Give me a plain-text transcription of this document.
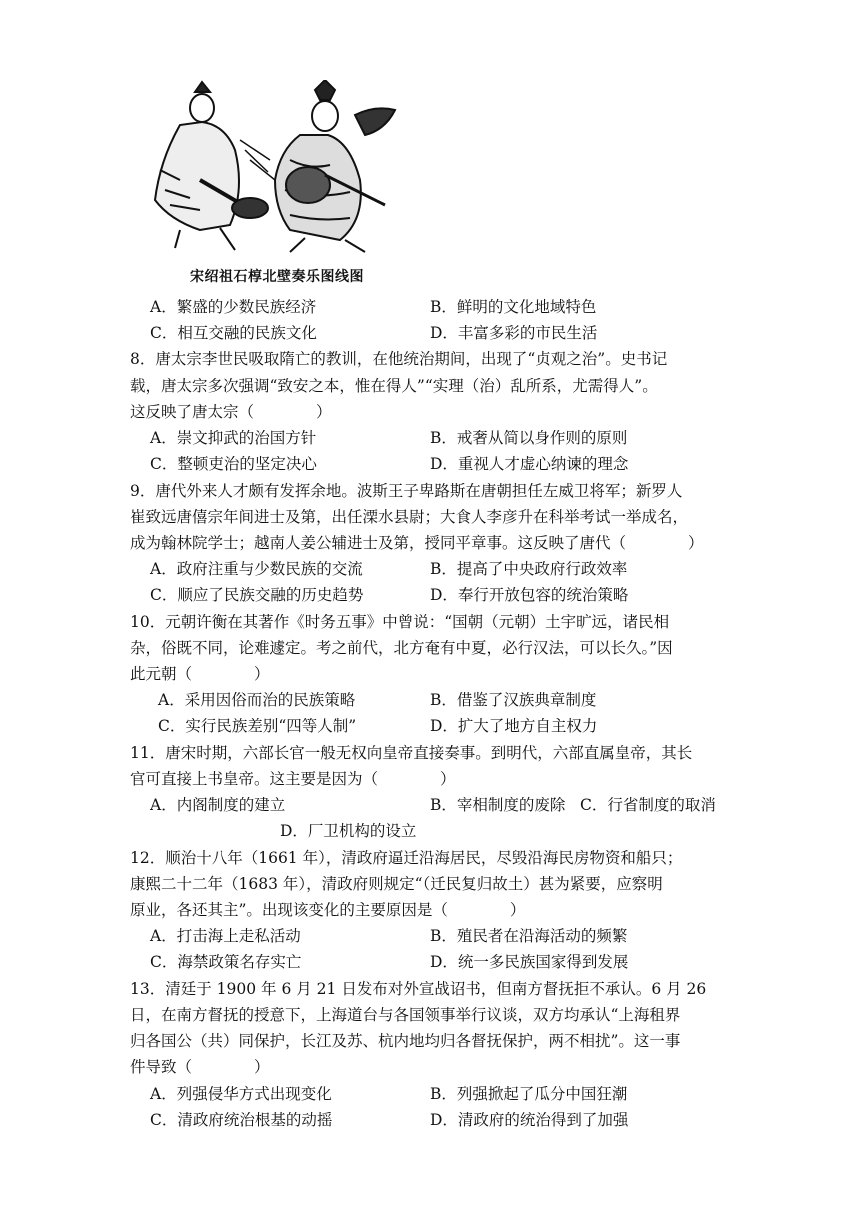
宋绍祖石椁北壁奏乐图线图
A．繁盛的少数民族经济	B．鲜明的文化地域特色
C．相互交融的民族文化	D．丰富多彩的市民生活
8．唐太宗李世民吸取隋亡的教训，在他统治期间，出现了“贞观之治”。史书记
载，唐太宗多次强调“致安之本，惟在得人”“实理（治）乱所系，尤需得人”。
这反映了唐太宗（　　　　）
A．崇文抑武的治国方针	B．戒奢从简以身作则的原则
C．整顿吏治的坚定决心	D．重视人才虚心纳谏的理念
9．唐代外来人才颇有发挥余地。波斯王子卑路斯在唐朝担任左威卫将军；新罗人
崔致远唐僖宗年间进士及第，出任溧水县尉；大食人李彦升在科举考试一举成名，
成为翰林院学士；越南人姜公辅进士及第，授同平章事。这反映了唐代（　　　　）
A．政府注重与少数民族的交流	B．提高了中央政府行政效率
C．顺应了民族交融的历史趋势	D．奉行开放包容的统治策略
10．元朝许衡在其著作《时务五事》中曾说：“国朝（元朝）土宇旷远，诸民相
杂，俗既不同，论难遽定。考之前代，北方奄有中夏，必行汉法，可以长久。”因
此元朝（　　　　）
A．采用因俗而治的民族策略	B．借鉴了汉族典章制度
C．实行民族差别“四等人制”	D．扩大了地方自主权力
11．唐宋时期，六部长官一般无权向皇帝直接奏事。到明代，六部直属皇帝，其长
官可直接上书皇帝。这主要是因为（　　　　）
A．内阁制度的建立	B．宰相制度的废除 C．行省制度的取消
D．厂卫机构的设立
12．顺治十八年（1661 年），清政府逼迁沿海居民，尽毁沿海民房物资和船只；
康熙二十二年（1683 年），清政府则规定“（迁民复归故土）甚为紧要，应察明
原业，各还其主”。出现该变化的主要原因是（　　　　）
A．打击海上走私活动	B．殖民者在沿海活动的频繁
C．海禁政策名存实亡	D．统一多民族国家得到发展
13．清廷于 1900 年 6 月 21 日发布对外宣战诏书，但南方督抚拒不承认。6 月 26
日，在南方督抚的授意下，上海道台与各国领事举行议谈，双方均承认“上海租界
归各国公（共）同保护，长江及苏、杭内地均归各督抚保护，两不相扰”。这一事
件导致（　　　　）
A．列强侵华方式出现变化	B．列强掀起了瓜分中国狂潮
C．清政府统治根基的动摇	D．清政府的统治得到了加强
